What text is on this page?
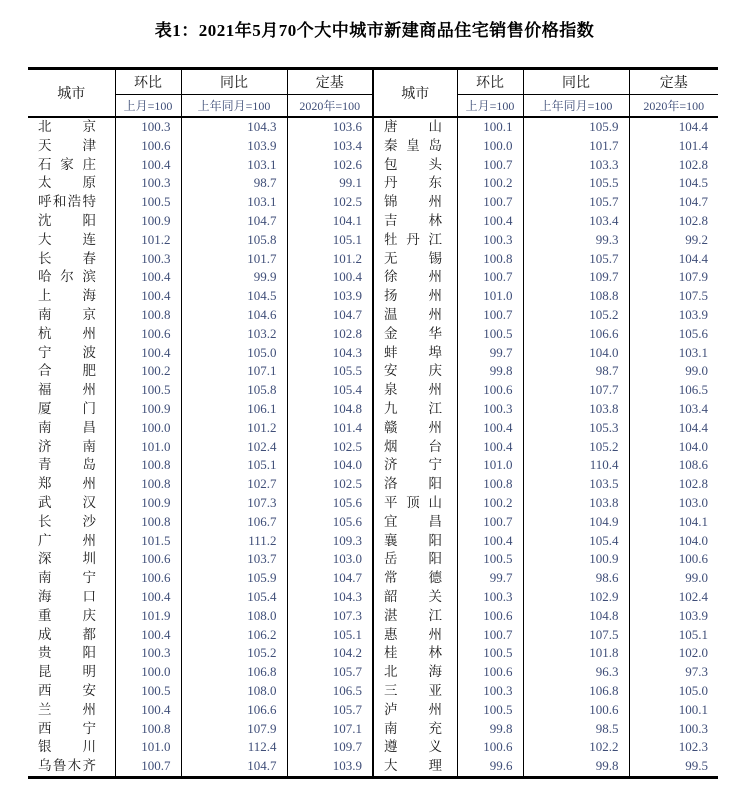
表1：2021年5月70个大中城市新建商品住宅销售价格指数
城市	环比	同比	定基	城市	环比	同比	定基
	上月=100	上年同月=100	2020年=100		上月=100	上年同月=100	2020年=100
北京	100.3	104.3	103.6	唐山	100.1	105.9	104.4
天津	100.6	103.9	103.4	秦皇岛	100.0	101.7	101.4
石家庄	100.4	103.1	102.6	包头	100.7	103.3	102.8
太原	100.3	98.7	99.1	丹东	100.2	105.5	104.5
呼和浩特	100.5	103.1	102.5	锦州	100.7	105.7	104.7
沈阳	100.9	104.7	104.1	吉林	100.4	103.4	102.8
大连	101.2	105.8	105.1	牡丹江	100.3	99.3	99.2
长春	100.3	101.7	101.2	无锡	100.8	105.7	104.4
哈尔滨	100.4	99.9	100.4	徐州	100.7	109.7	107.9
上海	100.4	104.5	103.9	扬州	101.0	108.8	107.5
南京	100.8	104.6	104.7	温州	100.7	105.2	103.9
杭州	100.6	103.2	102.8	金华	100.5	106.6	105.6
宁波	100.4	105.0	104.3	蚌埠	99.7	104.0	103.1
合肥	100.2	107.1	105.5	安庆	99.8	98.7	99.0
福州	100.5	105.8	105.4	泉州	100.6	107.7	106.5
厦门	100.9	106.1	104.8	九江	100.3	103.8	103.4
南昌	100.0	101.2	101.4	赣州	100.4	105.3	104.4
济南	101.0	102.4	102.5	烟台	100.4	105.2	104.0
青岛	100.8	105.1	104.0	济宁	101.0	110.4	108.6
郑州	100.8	102.7	102.5	洛阳	100.8	103.5	102.8
武汉	100.9	107.3	105.6	平顶山	100.2	103.8	103.0
长沙	100.8	106.7	105.6	宜昌	100.7	104.9	104.1
广州	101.5	111.2	109.3	襄阳	100.4	105.4	104.0
深圳	100.6	103.7	103.0	岳阳	100.5	100.9	100.6
南宁	100.6	105.9	104.7	常德	99.7	98.6	99.0
海口	100.4	105.4	104.3	韶关	100.3	102.9	102.4
重庆	101.9	108.0	107.3	湛江	100.6	104.8	103.9
成都	100.4	106.2	105.1	惠州	100.7	107.5	105.1
贵阳	100.3	105.2	104.2	桂林	100.5	101.8	102.0
昆明	100.0	106.8	105.7	北海	100.6	96.3	97.3
西安	100.5	108.0	106.5	三亚	100.3	106.8	105.0
兰州	100.4	106.6	105.7	泸州	100.5	100.6	100.1
西宁	100.8	107.9	107.1	南充	99.8	98.5	100.3
银川	101.0	112.4	109.7	遵义	100.6	102.2	102.3
乌鲁木齐	100.7	104.7	103.9	大理	99.6	99.8	99.5
